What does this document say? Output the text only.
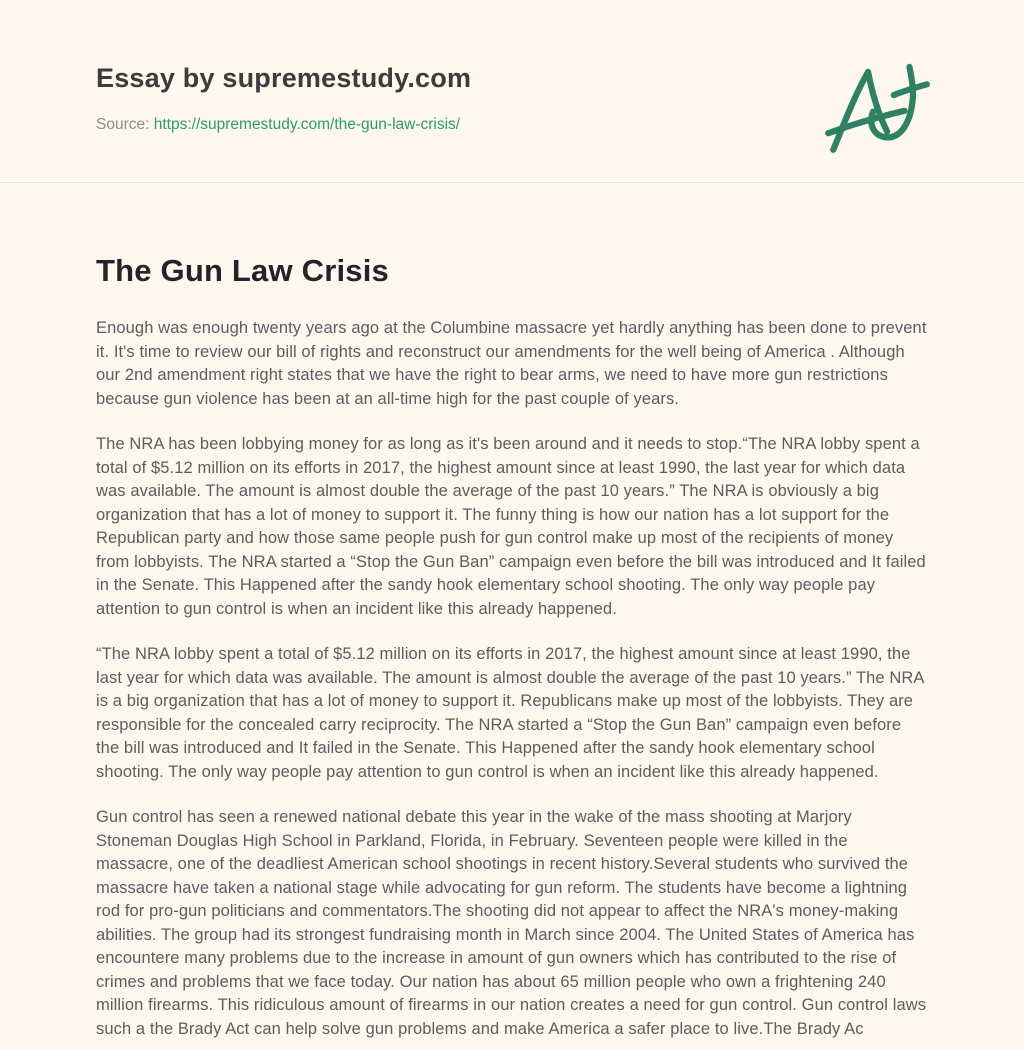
Essay by supremestudy.com
Source: https://supremestudy.com/the-gun-law-crisis/
The Gun Law Crisis

Enough was enough twenty years ago at the Columbine massacre yet hardly anything has been done to prevent it. It's time to review our bill of rights and reconstruct our amendments for the well being of America . Although our 2nd amendment right states that we have the right to bear arms, we need to have more gun restrictions because gun violence has been at an all-time high for the past couple of years.

The NRA has been lobbying money for as long as it's been around and it needs to stop.“The NRA lobby spent a total of $5.12 million on its efforts in 2017, the highest amount since at least 1990, the last year for which data was available. The amount is almost double the average of the past 10 years.” The NRA is obviously a big organization that has a lot of money to support it. The funny thing is how our nation has a lot support for the Republican party and how those same people push for gun control make up most of the recipients of money from lobbyists. The NRA started a “Stop the Gun Ban” campaign even before the bill was introduced and It failed in the Senate. This Happened after the sandy hook elementary school shooting. The only way people pay attention to gun control is when an incident like this already happened.

“The NRA lobby spent a total of $5.12 million on its efforts in 2017, the highest amount since at least 1990, the last year for which data was available. The amount is almost double the average of the past 10 years.” The NRA is a big organization that has a lot of money to support it. Republicans make up most of the lobbyists. They are responsible for the concealed carry reciprocity. The NRA started a “Stop the Gun Ban” campaign even before the bill was introduced and It failed in the Senate. This Happened after the sandy hook elementary school shooting. The only way people pay attention to gun control is when an incident like this already happened.

Gun control has seen a renewed national debate this year in the wake of the mass shooting at Marjory Stoneman Douglas High School in Parkland, Florida, in February. Seventeen people were killed in the massacre, one of the deadliest American school shootings in recent history.Several students who survived the massacre have taken a national stage while advocating for gun reform. The students have become a lightning rod for pro-gun politicians and commentators.The shooting did not appear to affect the NRA's money-making abilities. The group had its strongest fundraising month in March since 2004. The United States of America has encountere many problems due to the increase in amount of gun owners which has contributed to the rise of crimes and problems that we face today. Our nation has about 65 million people who own a frightening 240 million firearms. This ridiculous amount of firearms in our nation creates a need for gun control. Gun control laws such a the Brady Act can help solve gun problems and make America a safer place to live.The Brady Ac
